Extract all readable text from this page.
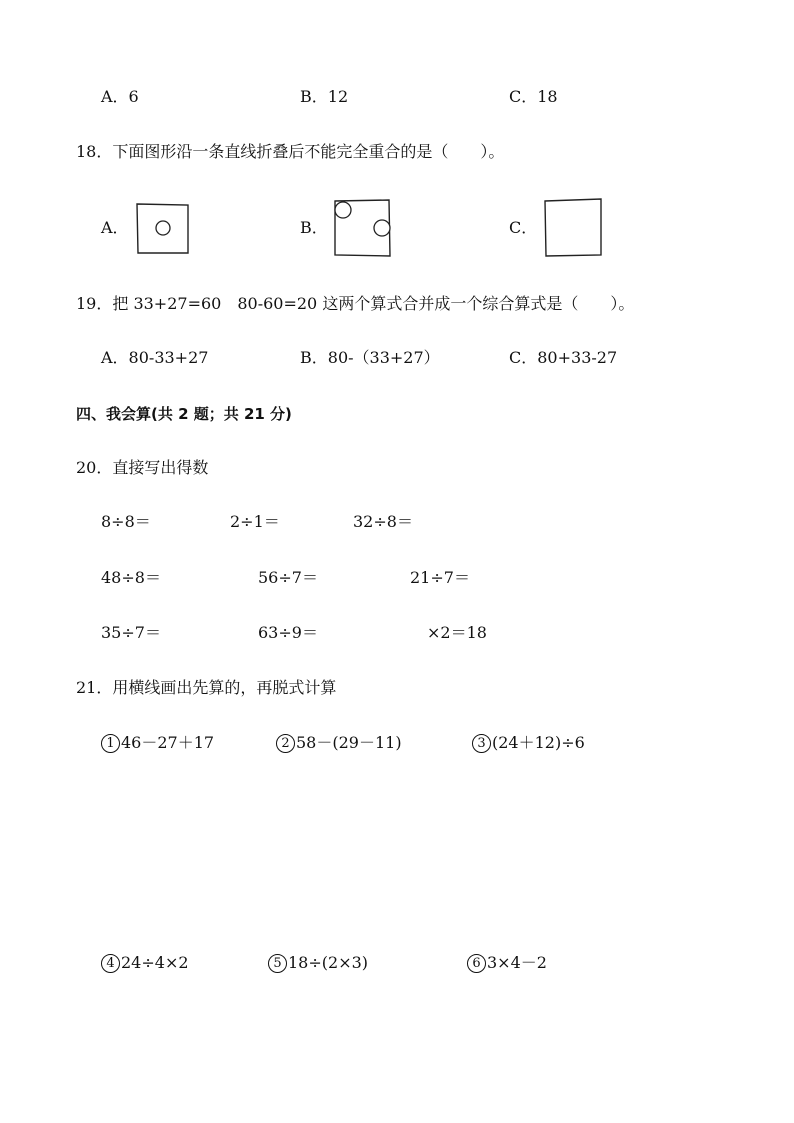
A．6	B．12	C．18
18．下面图形沿一条直线折叠后不能完全重合的是（　　）。
A．	B．	C．
19．把 33+27=60　80-60=20 这两个算式合并成一个综合算式是（　　）。
A．80-33+27	B．80-（33+27）	C．80+33-27
四、我会算(共 2 题；共 21 分)
20．直接写出得数
8÷8＝	2÷1＝	32÷8＝
48÷8＝	56÷7＝	21÷7＝
35÷7＝	63÷9＝	×2＝18
21．用横线画出先算的，再脱式计算
1 46－27＋17	2 58－(29－11)	3 (24＋12)÷6
4 24÷4×2	5 18÷(2×3)	6 3×4－2
